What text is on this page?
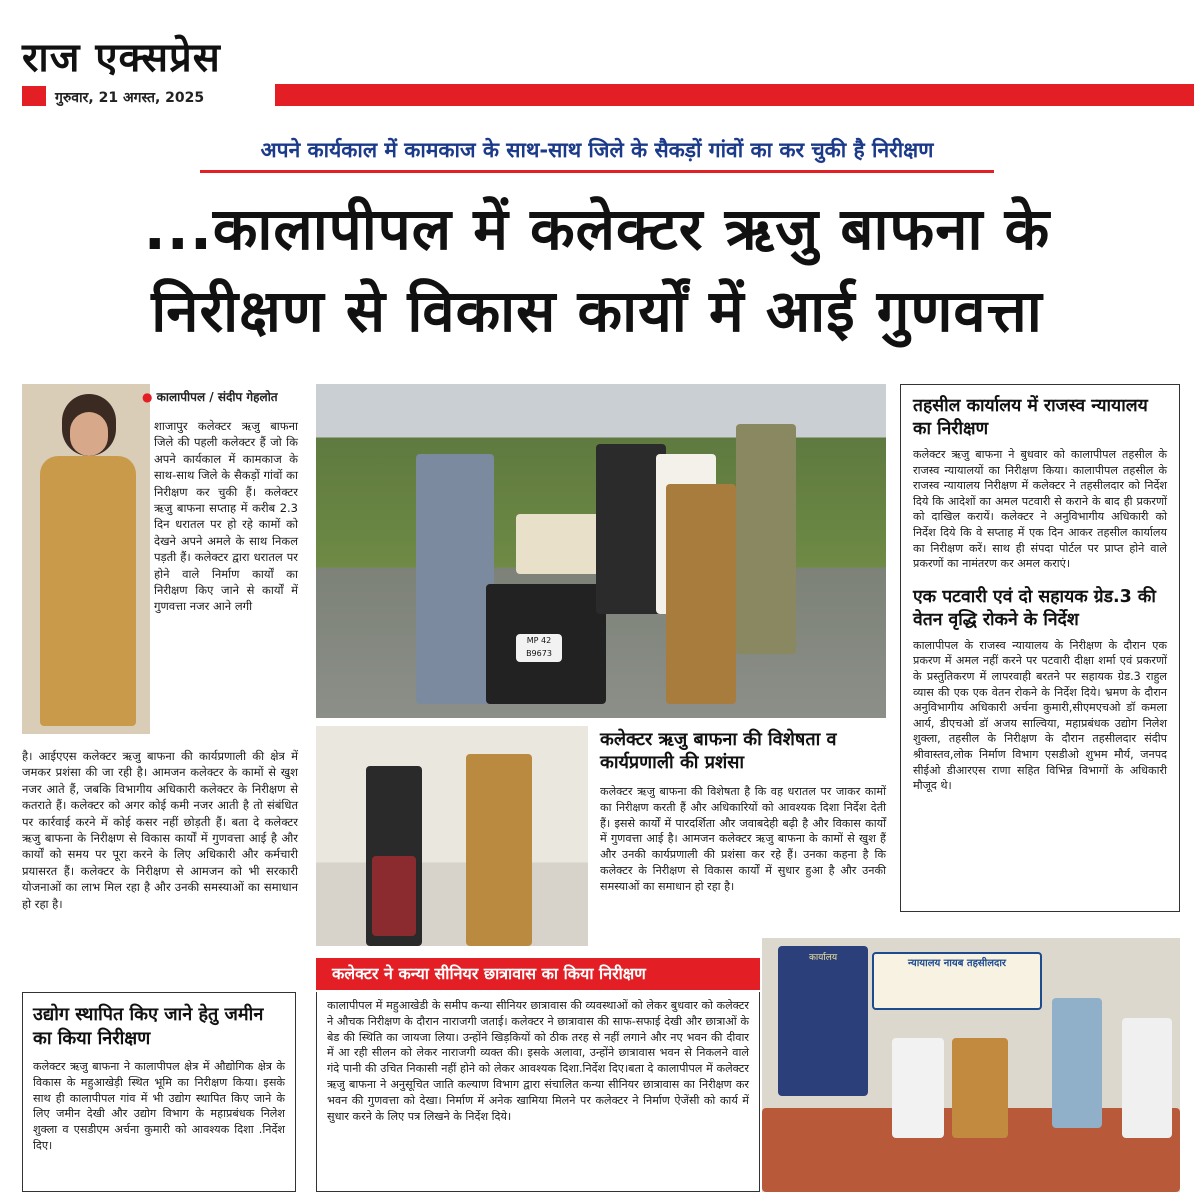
राज एक्सप्रेस
गुरुवार, 21 अगस्त, 2025
अपने कार्यकाल में कामकाज के साथ-साथ जिले के सैकड़ों गांवों का कर चुकी है निरीक्षण
...कालापीपल में कलेक्टर ऋजु बाफना के
निरीक्षण से विकास कार्यों में आई गुणवत्ता
● कालापीपल / संदीप गेहलोत
शाजापुर कलेक्टर ऋजु बाफना जिले की पहली कलेक्टर हैं जो कि अपने कार्यकाल में कामकाज के साथ-साथ जिले के सैकड़ों गांवों का निरीक्षण कर चुकी हैं। कलेक्टर ऋजु बाफना सप्ताह में करीब 2.3 दिन धरातल पर हो रहे कामों को देखने अपने अमले के साथ निकल पड़ती हैं। कलेक्टर द्वारा धरातल पर होने वाले निर्माण कार्यों का निरीक्षण किए जाने से कार्यों में गुणवत्ता नजर आने लगी
है। आईएएस कलेक्टर ऋजु बाफना की कार्यप्रणाली की क्षेत्र में जमकर प्रशंसा की जा रही है। आमजन कलेक्टर के कामों से खुश नजर आते हैं, जबकि विभागीय अधिकारी कलेक्टर के निरीक्षण से कतराते हैं। कलेक्टर को अगर कोई कमी नजर आती है तो संबंधित पर कार्रवाई करने में कोई कसर नहीं छोड़ती हैं। बता दे कलेक्टर ऋजु बाफना के निरीक्षण से विकास कार्यों में गुणवत्ता आई है और कार्यों को समय पर पूरा करने के लिए अधिकारी और कर्मचारी प्रयासरत हैं। कलेक्टर के निरीक्षण से आमजन को भी सरकारी योजनाओं का लाभ मिल रहा है और उनकी समस्याओं का समाधान हो रहा है।
MP 42 B9673
कलेक्टर ऋजु बाफना की विशेषता व कार्यप्रणाली की प्रशंसा
कलेक्टर ऋजु बाफना की विशेषता है कि वह धरातल पर जाकर कामों का निरीक्षण करती हैं और अधिकारियों को आवश्यक दिशा निर्देश देती हैं। इससे कार्यों में पारदर्शिता और जवाबदेही बढ़ी है और विकास कार्यों में गुणवत्ता आई है। आमजन कलेक्टर ऋजु बाफना के कामों से खुश हैं और उनकी कार्यप्रणाली की प्रशंसा कर रहे हैं। उनका कहना है कि कलेक्टर के निरीक्षण से विकास कार्यों में सुधार हुआ है और उनकी समस्याओं का समाधान हो रहा है।
तहसील कार्यालय में राजस्व न्यायालय का निरीक्षण
कलेक्टर ऋजु बाफना ने बुधवार को कालापीपल तहसील के राजस्व न्यायालयों का निरीक्षण किया। कालापीपल तहसील के राजस्व न्यायालय निरीक्षण में कलेक्टर ने तहसीलदार को निर्देश दिये कि आदेशों का अमल पटवारी से कराने के बाद ही प्रकरणों को दाखिल करायें। कलेक्टर ने अनुविभागीय अधिकारी को निर्देश दिये कि वे सप्ताह में एक दिन आकर तहसील कार्यालय का निरीक्षण करें। साथ ही संपदा पोर्टल पर प्राप्त होने वाले प्रकरणों का नामंतरण कर अमल कराएं।
एक पटवारी एवं दो सहायक ग्रेड.3 की वेतन वृद्धि रोकने के निर्देश
कालापीपल के राजस्व न्यायालय के निरीक्षण के दौरान एक प्रकरण में अमल नहीं करने पर पटवारी दीक्षा शर्मा एवं प्रकरणों के प्रस्तुतिकरण में लापरवाही बरतने पर सहायक ग्रेड.3 राहुल व्यास की एक एक वेतन रोकने के निर्देश दिये। भ्रमण के दौरान अनुविभागीय अधिकारी अर्चना कुमारी,सीएमएचओ डॉ कमला आर्य, डीएचओ डॉ अजय साल्विया, महाप्रबंधक उद्योग निलेश शुक्ला, तहसील के निरीक्षण के दौरान तहसीलदार संदीप श्रीवास्तव,लोक निर्माण विभाग एसडीओ शुभम मौर्य, जनपद सीईओ डीआरएस राणा सहित विभिन्न विभागों के अधिकारी मौजूद थे।
उद्योग स्थापित किए जाने हेतु जमीन का किया निरीक्षण
कलेक्टर ऋजु बाफना ने कालापीपल क्षेत्र में औद्योगिक क्षेत्र के विकास के महुआखेड़ी स्थित भूमि का निरीक्षण किया। इसके साथ ही कालापीपल गांव में भी उद्योग स्थापित किए जाने के लिए जमीन देखी और उद्योग विभाग के महाप्रबंधक निलेश शुक्ला व एसडीएम अर्चना कुमारी को आवश्यक दिशा .निर्देश दिए।
कलेक्टर ने कन्या सीनियर छात्रावास का किया निरीक्षण
कालापीपल में महुआखेडी के समीप कन्या सीनियर छात्रावास की व्यवस्थाओं को लेकर बुधवार को कलेक्टर ने औचक निरीक्षण के दौरान नाराजगी जताई। कलेक्टर ने छात्रावास की साफ-सफाई देखी और छात्राओं के बेड की स्थिति का जायजा लिया। उन्होंने खिड़कियों को ठीक तरह से नहीं लगाने और नए भवन की दीवार में आ रही सीलन को लेकर नाराजगी व्यक्त की। इसके अलावा, उन्होंने छात्रावास भवन से निकलने वाले गंदे पानी की उचित निकासी नहीं होने को लेकर आवश्यक दिशा.निर्देश दिए।बता दे कालापीपल में कलेक्टर ऋजु बाफना ने अनुसूचित जाति कल्याण विभाग द्वारा संचालित कन्या सीनियर छात्रावास का निरीक्षण कर भवन की गुणवत्ता को देखा। निर्माण में अनेक खामिया मिलने पर कलेक्टर ने निर्माण ऐजेंसी को कार्य में सुधार करने के लिए पत्र लिखने के निर्देश दिये।
कार्यालय	न्यायालय नायब तहसीलदार
